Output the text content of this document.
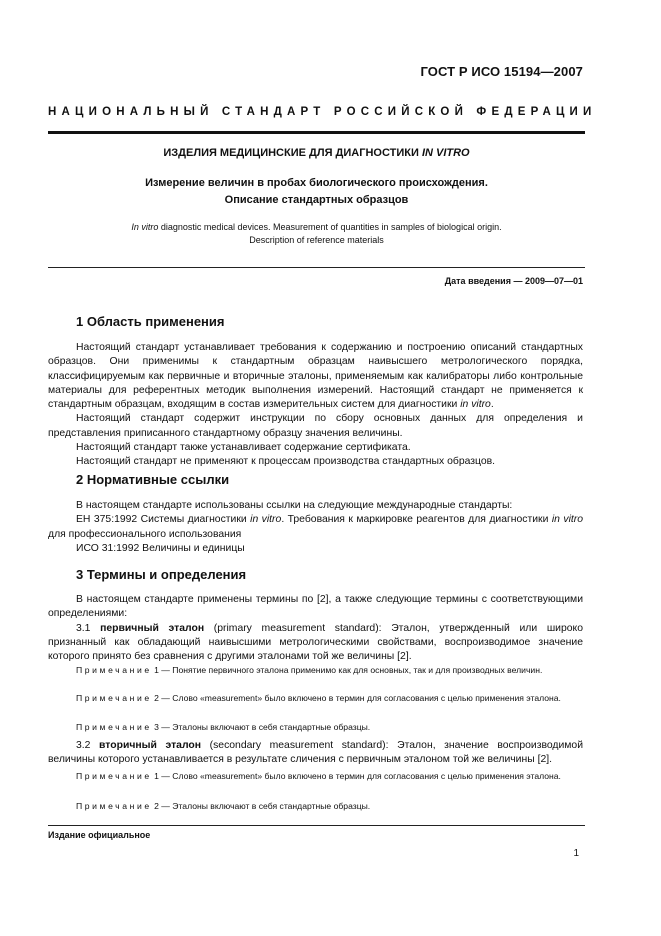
ГОСТ Р ИСО 15194—2007
НАЦИОНАЛЬНЫЙ СТАНДАРТ РОССИЙСКОЙ ФЕДЕРАЦИИ
ИЗДЕЛИЯ МЕДИЦИНСКИЕ ДЛЯ ДИАГНОСТИКИ IN VITRO
Измерение величин в пробах биологического происхождения.
Описание стандартных образцов
In vitro diagnostic medical devices. Measurement of quantities in samples of biological origin.
Description of reference materials
Дата введения — 2009—07—01
1 Область применения

Настоящий стандарт устанавливает требования к содержанию и построению описаний стандартных образцов. Они применимы к стандартным образцам наивысшего метрологического порядка, классифицируемым как первичные и вторичные эталоны, применяемым как калибраторы либо контрольные материалы для референтных методик выполнения измерений. Настоящий стандарт не применяется к стандартным образцам, входящим в состав измерительных систем для диагностики in vitro.

Настоящий стандарт содержит инструкции по сбору основных данных для определения и представления приписанного стандартному образцу значения величины.

Настоящий стандарт также устанавливает содержание сертификата.

Настоящий стандарт не применяют к процессам производства стандартных образцов.

2 Нормативные ссылки

В настоящем стандарте использованы ссылки на следующие международные стандарты:

ЕН 375:1992 Системы диагностики in vitro. Требования к маркировке реагентов для диагностики in vitro для профессионального использования

ИСО 31:1992 Величины и единицы

3 Термины и определения

В настоящем стандарте применены термины по [2], а также следующие термины с соответствующими определениями:

3.1 первичный эталон (primary measurement standard): Эталон, утвержденный или широко признанный как обладающий наивысшими метрологическими свойствами, воспроизводимое значение которого принято без сравнения с другими эталонами той же величины [2].

Примечание 1 — Понятие первичного эталона применимо как для основных, так и для производных величин.

Примечание 2 — Слово «measurement» было включено в термин для согласования с целью применения эталона.

Примечание 3 — Эталоны включают в себя стандартные образцы.

3.2 вторичный эталон (secondary measurement standard): Эталон, значение воспроизводимой величины которого устанавливается в результате сличения с первичным эталоном той же величины [2].

Примечание 1 — Слово «measurement» было включено в термин для согласования с целью применения эталона.

Примечание 2 — Эталоны включают в себя стандартные образцы.

Издание официальное
1
